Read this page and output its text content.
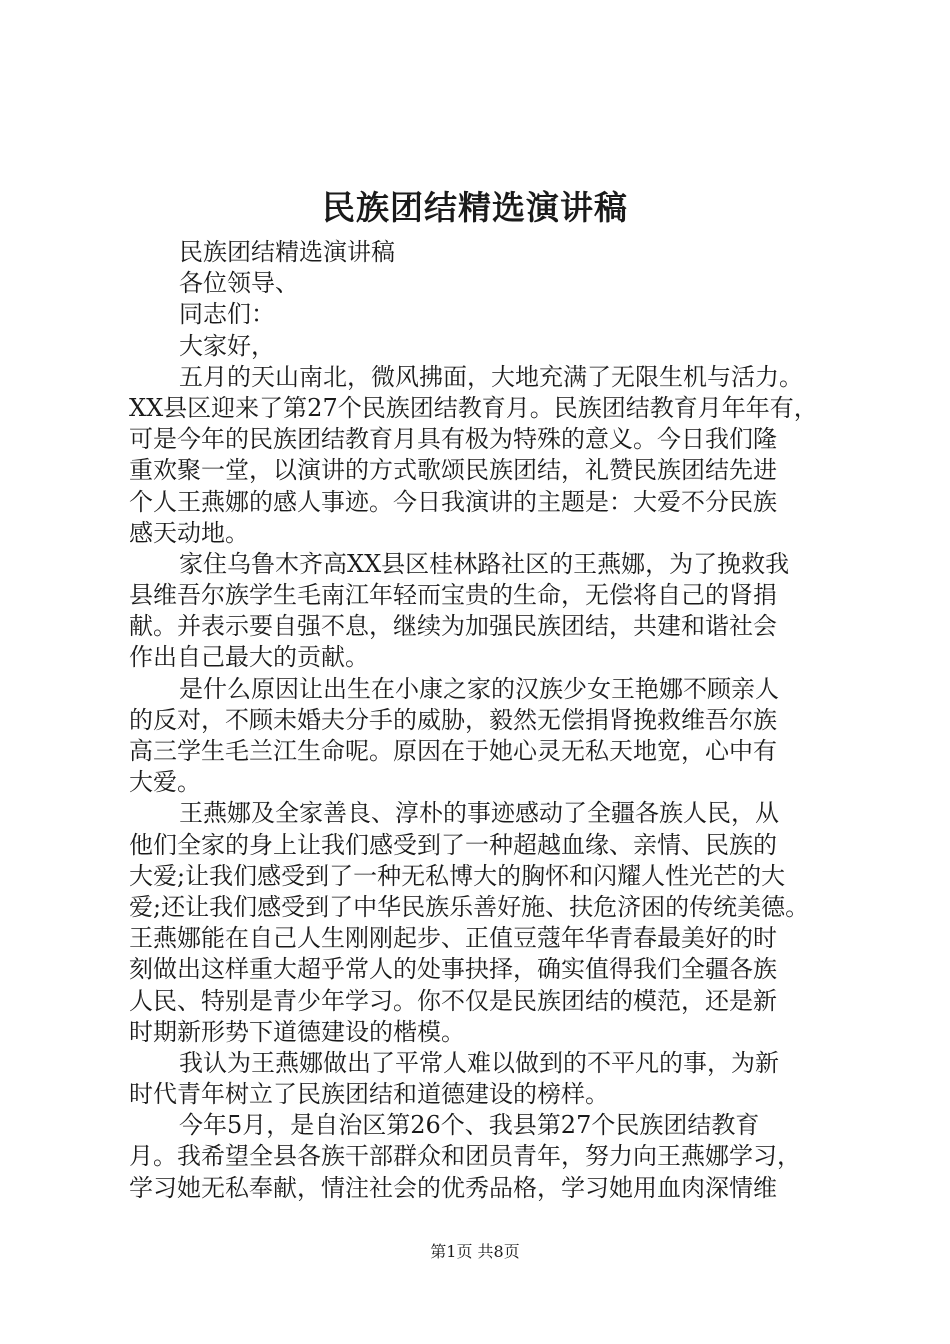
民族团结精选演讲稿
民族团结精选演讲稿
各位领导、
同志们：
大家好，
五月的天山南北，微风拂面，大地充满了无限生机与活力。
XX县区迎来了第27个民族团结教育月。民族团结教育月年年有，
可是今年的民族团结教育月具有极为特殊的意义。今日我们隆
重欢聚一堂，以演讲的方式歌颂民族团结，礼赞民族团结先进
个人王燕娜的感人事迹。今日我演讲的主题是：大爱不分民族
感天动地。
家住乌鲁木齐高XX县区桂林路社区的王燕娜，为了挽救我
县维吾尔族学生毛南江年轻而宝贵的生命，无偿将自己的肾捐
献。并表示要自强不息，继续为加强民族团结，共建和谐社会
作出自己最大的贡献。
是什么原因让出生在小康之家的汉族少女王艳娜不顾亲人
的反对，不顾未婚夫分手的威胁，毅然无偿捐肾挽救维吾尔族
高三学生毛兰江生命呢。原因在于她心灵无私天地宽，心中有
大爱。
王燕娜及全家善良、淳朴的事迹感动了全疆各族人民，从
他们全家的身上让我们感受到了一种超越血缘、亲情、民族的
大爱;让我们感受到了一种无私博大的胸怀和闪耀人性光芒的大
爱;还让我们感受到了中华民族乐善好施、扶危济困的传统美德。
王燕娜能在自己人生刚刚起步、正值豆蔻年华青春最美好的时
刻做出这样重大超乎常人的处事抉择，确实值得我们全疆各族
人民、特别是青少年学习。你不仅是民族团结的模范，还是新
时期新形势下道德建设的楷模。
我认为王燕娜做出了平常人难以做到的不平凡的事，为新
时代青年树立了民族团结和道德建设的榜样。
今年5月，是自治区第26个、我县第27个民族团结教育
月。我希望全县各族干部群众和团员青年，努力向王燕娜学习，
学习她无私奉献，情注社会的优秀品格，学习她用血肉深情维
第1页 共8页
